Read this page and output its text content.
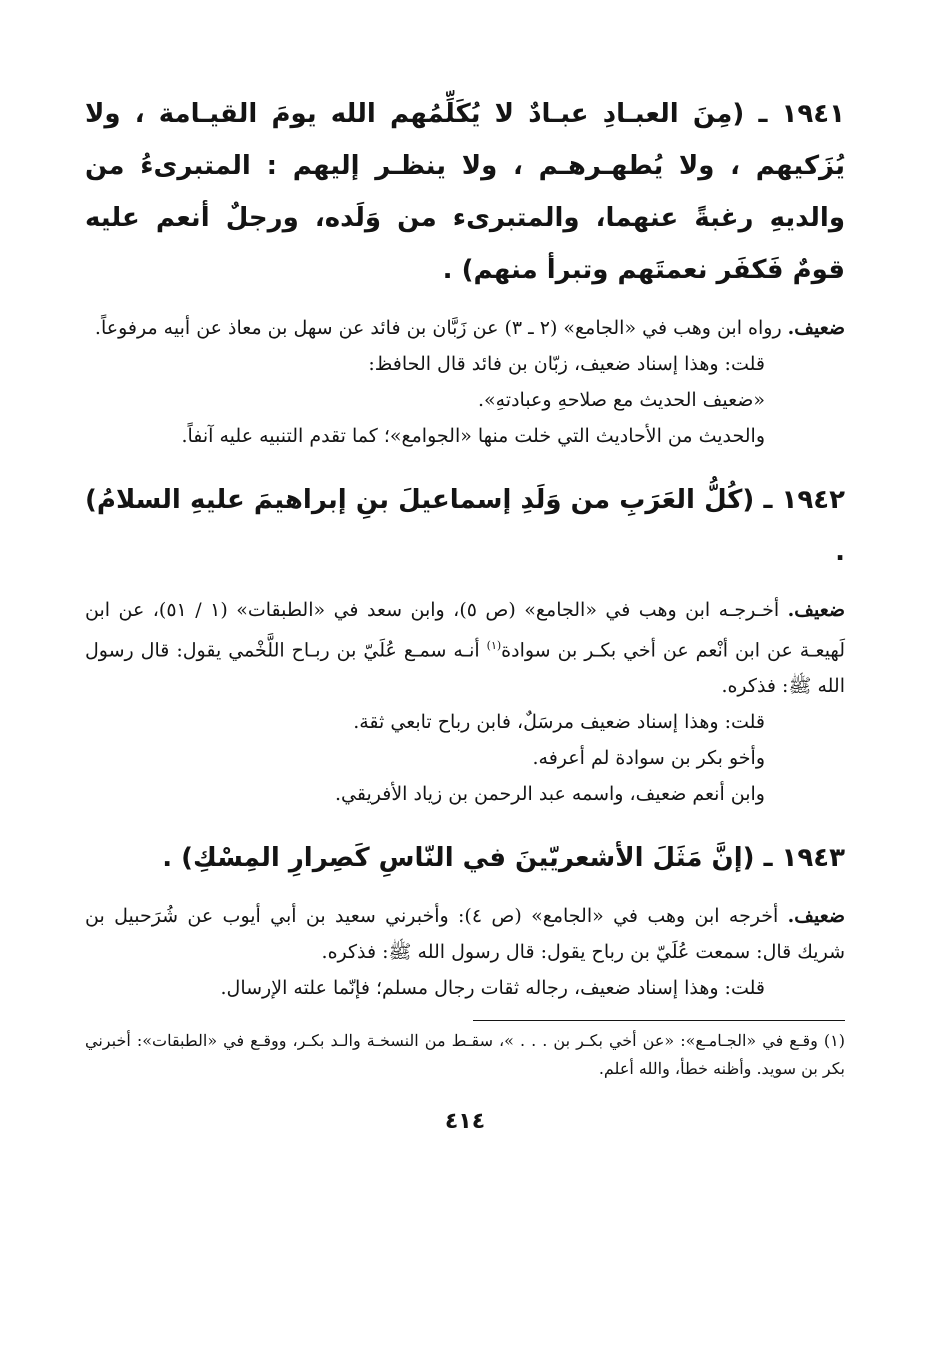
١٩٤١ ـ (مِنَ العبـادِ عبـادٌ لا يُكَلِّمُهم الله يومَ القيـامة ، ولا يُزَكيهم ، ولا يُطهـرهـم ، ولا ينظـر إليهم : المتبرىءُ من والديهِ رغبةً عنهما، والمتبرىء من وَلَده، ورجلٌ أنعم عليه قومٌ فَكفَر نعمتَهم وتبرأ منهم) .

ضعيف. رواه ابن وهب في «الجامع» (٢ ـ ٣) عن زَبَّان بن فائد عن سهل بن معاذ عن أبيه مرفوعاً.

قلت: وهذا إسناد ضعيف، زبّان بن فائد قال الحافظ:

«ضعيف الحديث مع صلاحهِ وعبادتهِ».

والحديث من الأحاديث التي خلت منها «الجوامع»؛ كما تقدم التنبيه عليه آنفاً.

١٩٤٢ ـ (كُلُّ العَرَبِ من وَلَدِ إسماعيلَ بنِ إبراهيمَ عليهِ السلامُ) .

ضعيف. أخـرجـه ابن وهب في «الجامع» (ص ٥)، وابن سعد في «الطبقات» (١ / ٥١)، عن ابن لَهيعـة عن ابن أنْعم عن أخي بكـر بن سوادة$^{(١)}$ أنـه سمـع عُلَيّ بن ربـاح اللَّخْمي يقول: قال رسول الله ﷺ: فذكره.

قلت: وهذا إسناد ضعيف مرسَلٌ، فابن رباح تابعي ثقة.

وأخو بكر بن سوادة لم أعرفه.

وابن أنعم ضعيف، واسمه عبد الرحمن بن زياد الأفريقي.

١٩٤٣ ـ (إنَّ مَثَلَ الأشعريّينَ في النّاسِ كَصِرارِ المِسْكِ) .

ضعيف. أخرجه ابن وهب في «الجامع» (ص ٤): وأخبرني سعيد بن أبي أيوب عن شُرَحبيل بن شريك قال: سمعت عُلَيّ بن رباح يقول: قال رسول الله ﷺ: فذكره.

قلت: وهذا إسناد ضعيف، رجاله ثقات رجال مسلم؛ فإنّما علته الإرسال.

(١) وقـع في «الجـامـع»: «عن أخي بكـر بن . . . »، سقـط من النسخـة والـد بكـر، ووقـع في «الطبقات»: أخبرني بكر بن سويد. وأظنه خطأ، والله أعلم.

٤١٤
